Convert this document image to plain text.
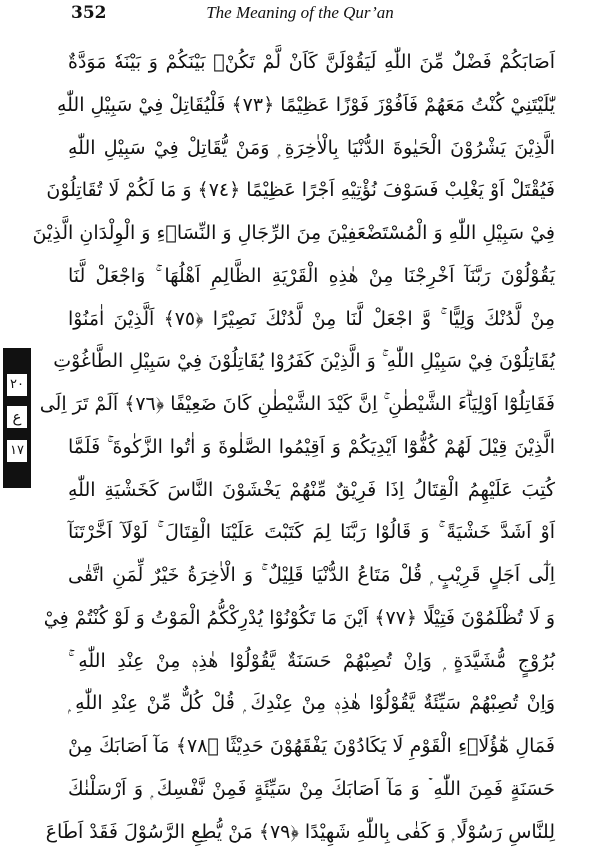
352	The Meaning of the Qur’an
٢٠
ع
١٧
اَصَابَكُمْ فَضْلٌ مِّنَ اللّٰهِ لَيَقُوْلَنَّ كَاَنْ لَّمْ تَكُنْۢ بَيْنَكُمْ وَ بَيْنَهٗ مَوَدَّةٌ
يّٰلَيْتَنِيْ كُنْتُ مَعَهُمْ فَاَفُوْزَ فَوْزًا عَظِيْمًا ﴿٧٣﴾ فَلْيُقَاتِلْ فِيْ سَبِيْلِ اللّٰهِ
الَّذِيْنَ يَشْرُوْنَ الْحَيٰوةَ الدُّنْيَا بِالْاٰخِرَةِ ۭ وَمَنْ يُّقَاتِلْ فِيْ سَبِيْلِ اللّٰهِ
فَيُقْتَلْ اَوْ يَغْلِبْ فَسَوْفَ نُؤْتِيْهِ اَجْرًا عَظِيْمًا ﴿٧٤﴾ وَ مَا لَكُمْ لَا تُقَاتِلُوْنَ
فِيْ سَبِيْلِ اللّٰهِ وَ الْمُسْتَضْعَفِيْنَ مِنَ الرِّجَالِ وَ النِّسَاۗءِ وَ الْوِلْدَانِ الَّذِيْنَ
يَقُوْلُوْنَ رَبَّنَآ اَخْرِجْنَا مِنْ هٰذِهِ الْقَرْيَةِ الظَّالِمِ اَهْلُهَا ۚ وَاجْعَلْ لَّنَا
مِنْ لَّدُنْكَ وَلِيًّا ۚ وَّ اجْعَلْ لَّنَا مِنْ لَّدُنْكَ نَصِيْرًا ﴿٧٥﴾ اَلَّذِيْنَ اٰمَنُوْا
يُقَاتِلُوْنَ فِيْ سَبِيْلِ اللّٰهِ ۚ وَ الَّذِيْنَ كَفَرُوْا يُقَاتِلُوْنَ فِيْ سَبِيْلِ الطَّاغُوْتِ
فَقَاتِلُوْٓا اَوْلِيَاۗءَ الشَّيْطٰنِ ۚ اِنَّ كَيْدَ الشَّيْطٰنِ كَانَ ضَعِيْفًا ﴿٧٦﴾ اَلَمْ تَرَ اِلَى
الَّذِيْنَ قِيْلَ لَهُمْ كُفُّوْٓا اَيْدِيَكُمْ وَ اَقِيْمُوا الصَّلٰوةَ وَ اٰتُوا الزَّكٰوةَ ۚ فَلَمَّا
كُتِبَ عَلَيْهِمُ الْقِتَالُ اِذَا فَرِيْقٌ مِّنْهُمْ يَخْشَوْنَ النَّاسَ كَخَشْيَةِ اللّٰهِ
اَوْ اَشَدَّ خَشْيَةً ۚ وَ قَالُوْا رَبَّنَا لِمَ كَتَبْتَ عَلَيْنَا الْقِتَالَ ۚ لَوْلَآ اَخَّرْتَنَآ
اِلٰٓى اَجَلٍ قَرِيْبٍ ۭ قُلْ مَتَاعُ الدُّنْيَا قَلِيْلٌ ۚ وَ الْاٰخِرَةُ خَيْرٌ لِّمَنِ اتَّقٰى
وَ لَا تُظْلَمُوْنَ فَتِيْلًا ﴿٧٧﴾ اَيْنَ مَا تَكُوْنُوْا يُدْرِكْكُّمُ الْمَوْتُ وَ لَوْ كُنْتُمْ فِيْ
بُرُوْجٍ مُّشَيَّدَةٍ ۭ وَاِنْ تُصِبْهُمْ حَسَنَةٌ يَّقُوْلُوْا هٰذِهٖ مِنْ عِنْدِ اللّٰهِ ۚ
وَاِنْ تُصِبْهُمْ سَيِّئَةٌ يَّقُوْلُوْا هٰذِهٖ مِنْ عِنْدِكَ ۭ قُلْ كُلٌّ مِّنْ عِنْدِ اللّٰهِ ۭ
فَمَالِ هٰٓؤُلَاۗءِ الْقَوْمِ لَا يَكَادُوْنَ يَفْقَهُوْنَ حَدِيْثًا ﴿٧٨﴾ مَآ اَصَابَكَ مِنْ
حَسَنَةٍ فَمِنَ اللّٰهِ ۡ وَ مَآ اَصَابَكَ مِنْ سَيِّئَةٍ فَمِنْ نَّفْسِكَ ۭ وَ اَرْسَلْنٰكَ
لِلنَّاسِ رَسُوْلًا ۭ وَ كَفٰى بِاللّٰهِ شَهِيْدًا ﴿٧٩﴾ مَنْ يُّطِعِ الرَّسُوْلَ فَقَدْ اَطَاعَ
